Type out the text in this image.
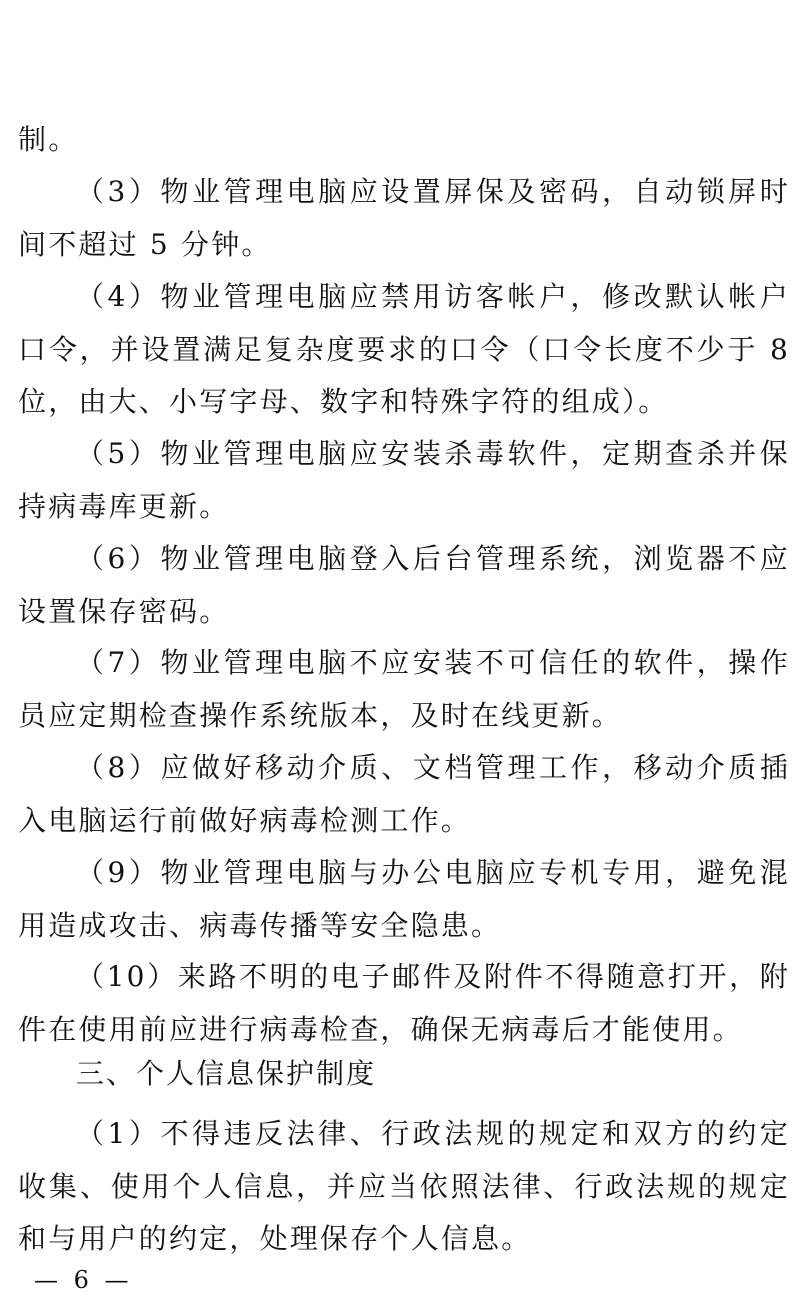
制。

（3）物业管理电脑应设置屏保及密码，自动锁屏时间不超过 5 分钟。

（4）物业管理电脑应禁用访客帐户，修改默认帐户口令，并设置满足复杂度要求的口令（口令长度不少于 8 位，由大、小写字母、数字和特殊字符的组成）。

（5）物业管理电脑应安装杀毒软件，定期查杀并保持病毒库更新。

（6）物业管理电脑登入后台管理系统，浏览器不应设置保存密码。

（7）物业管理电脑不应安装不可信任的软件，操作员应定期检查操作系统版本，及时在线更新。

（8）应做好移动介质、文档管理工作，移动介质插入电脑运行前做好病毒检测工作。

（9）物业管理电脑与办公电脑应专机专用，避免混用造成攻击、病毒传播等安全隐患。

（10）来路不明的电子邮件及附件不得随意打开，附件在使用前应进行病毒检查，确保无病毒后才能使用。

三、个人信息保护制度

（1）不得违反法律、行政法规的规定和双方的约定收集、使用个人信息，并应当依照法律、行政法规的规定和与用户的约定，处理保存个人信息。

— 6 —
